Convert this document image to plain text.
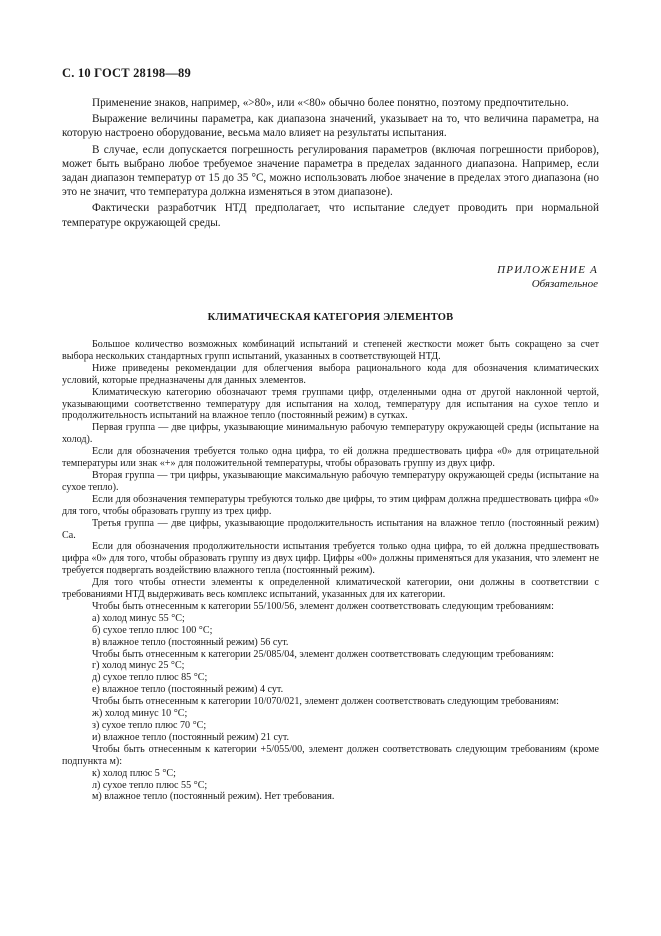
С. 10 ГОСТ 28198—89

Применение знаков, например, «>80», или «<80» обычно более понятно, поэтому предпочтительно.

Выражение величины параметра, как диапазона значений, указывает на то, что величина параметра, на которую настроено оборудование, весьма мало влияет на результаты испытания.

В случае, если допускается погрешность регулирования параметров (включая погрешности приборов), может быть выбрано любое требуемое значение параметра в пределах заданного диапазона. Например, если задан диапазон температур от 15 до 35 °С, можно использовать любое значение в пределах этого диапазона (но это не значит, что температура должна изменяться в этом диапазоне).

Фактически разработчик НТД предполагает, что испытание следует проводить при нормальной температуре окружающей среды.

ПРИЛОЖЕНИЕ А
Обязательное
КЛИМАТИЧЕСКАЯ КАТЕГОРИЯ ЭЛЕМЕНТОВ

Большое количество возможных комбинаций испытаний и степеней жесткости может быть сокращено за счет выбора нескольких стандартных групп испытаний, указанных в соответствующей НТД.

Ниже приведены рекомендации для облегчения выбора рационального кода для обозначения климатических условий, которые предназначены для данных элементов.

Климатическую категорию обозначают тремя группами цифр, отделенными одна от другой наклонной чертой, указывающими соответственно температуру для испытания на холод, температуру для испытания на сухое тепло и продолжительность испытаний на влажное тепло (постоянный режим) в сутках.

Первая группа — две цифры, указывающие минимальную рабочую температуру окружающей среды (испытание на холод).

Если для обозначения требуется только одна цифра, то ей должна предшествовать цифра «0» для отрицательной температуры или знак «+» для положительной температуры, чтобы образовать группу из двух цифр.

Вторая группа — три цифры, указывающие максимальную рабочую температуру окружающей среды (испытание на сухое тепло).

Если для обозначения температуры требуются только две цифры, то этим цифрам должна предшествовать цифра «0» для того, чтобы образовать группу из трех цифр.

Третья группа — две цифры, указывающие продолжительность испытания на влажное тепло (постоянный режим) Са.

Если для обозначения продолжительности испытания требуется только одна цифра, то ей должна предшествовать цифра «0» для того, чтобы образовать группу из двух цифр. Цифры «00» должны применяться для указания, что элемент не требуется подвергать воздействию влажного тепла (постоянный режим).

Для того чтобы отнести элементы к определенной климатической категории, они должны в соответствии с требованиями НТД выдерживать весь комплекс испытаний, указанных для их категории.

Чтобы быть отнесенным к категории 55/100/56, элемент должен соответствовать следующим требованиям:

а) холод минус 55 °С;

б) сухое тепло плюс 100 °С;

в) влажное тепло (постоянный режим) 56 сут.

Чтобы быть отнесенным к категории 25/085/04, элемент должен соответствовать следующим требованиям:

г) холод минус 25 °С;

д) сухое тепло плюс 85 °С;

е) влажное тепло (постоянный режим) 4 сут.

Чтобы быть отнесенным к категории 10/070/021, элемент должен соответствовать следующим требованиям:

ж) холод минус 10 °С;

з) сухое тепло плюс 70 °С;

и) влажное тепло (постоянный режим) 21 сут.

Чтобы быть отнесенным к категории +5/055/00, элемент должен соответствовать следующим требованиям (кроме подпункта м):

к) холод плюс 5 °С;

л) сухое тепло плюс 55 °С;

м) влажное тепло (постоянный режим). Нет требования.
